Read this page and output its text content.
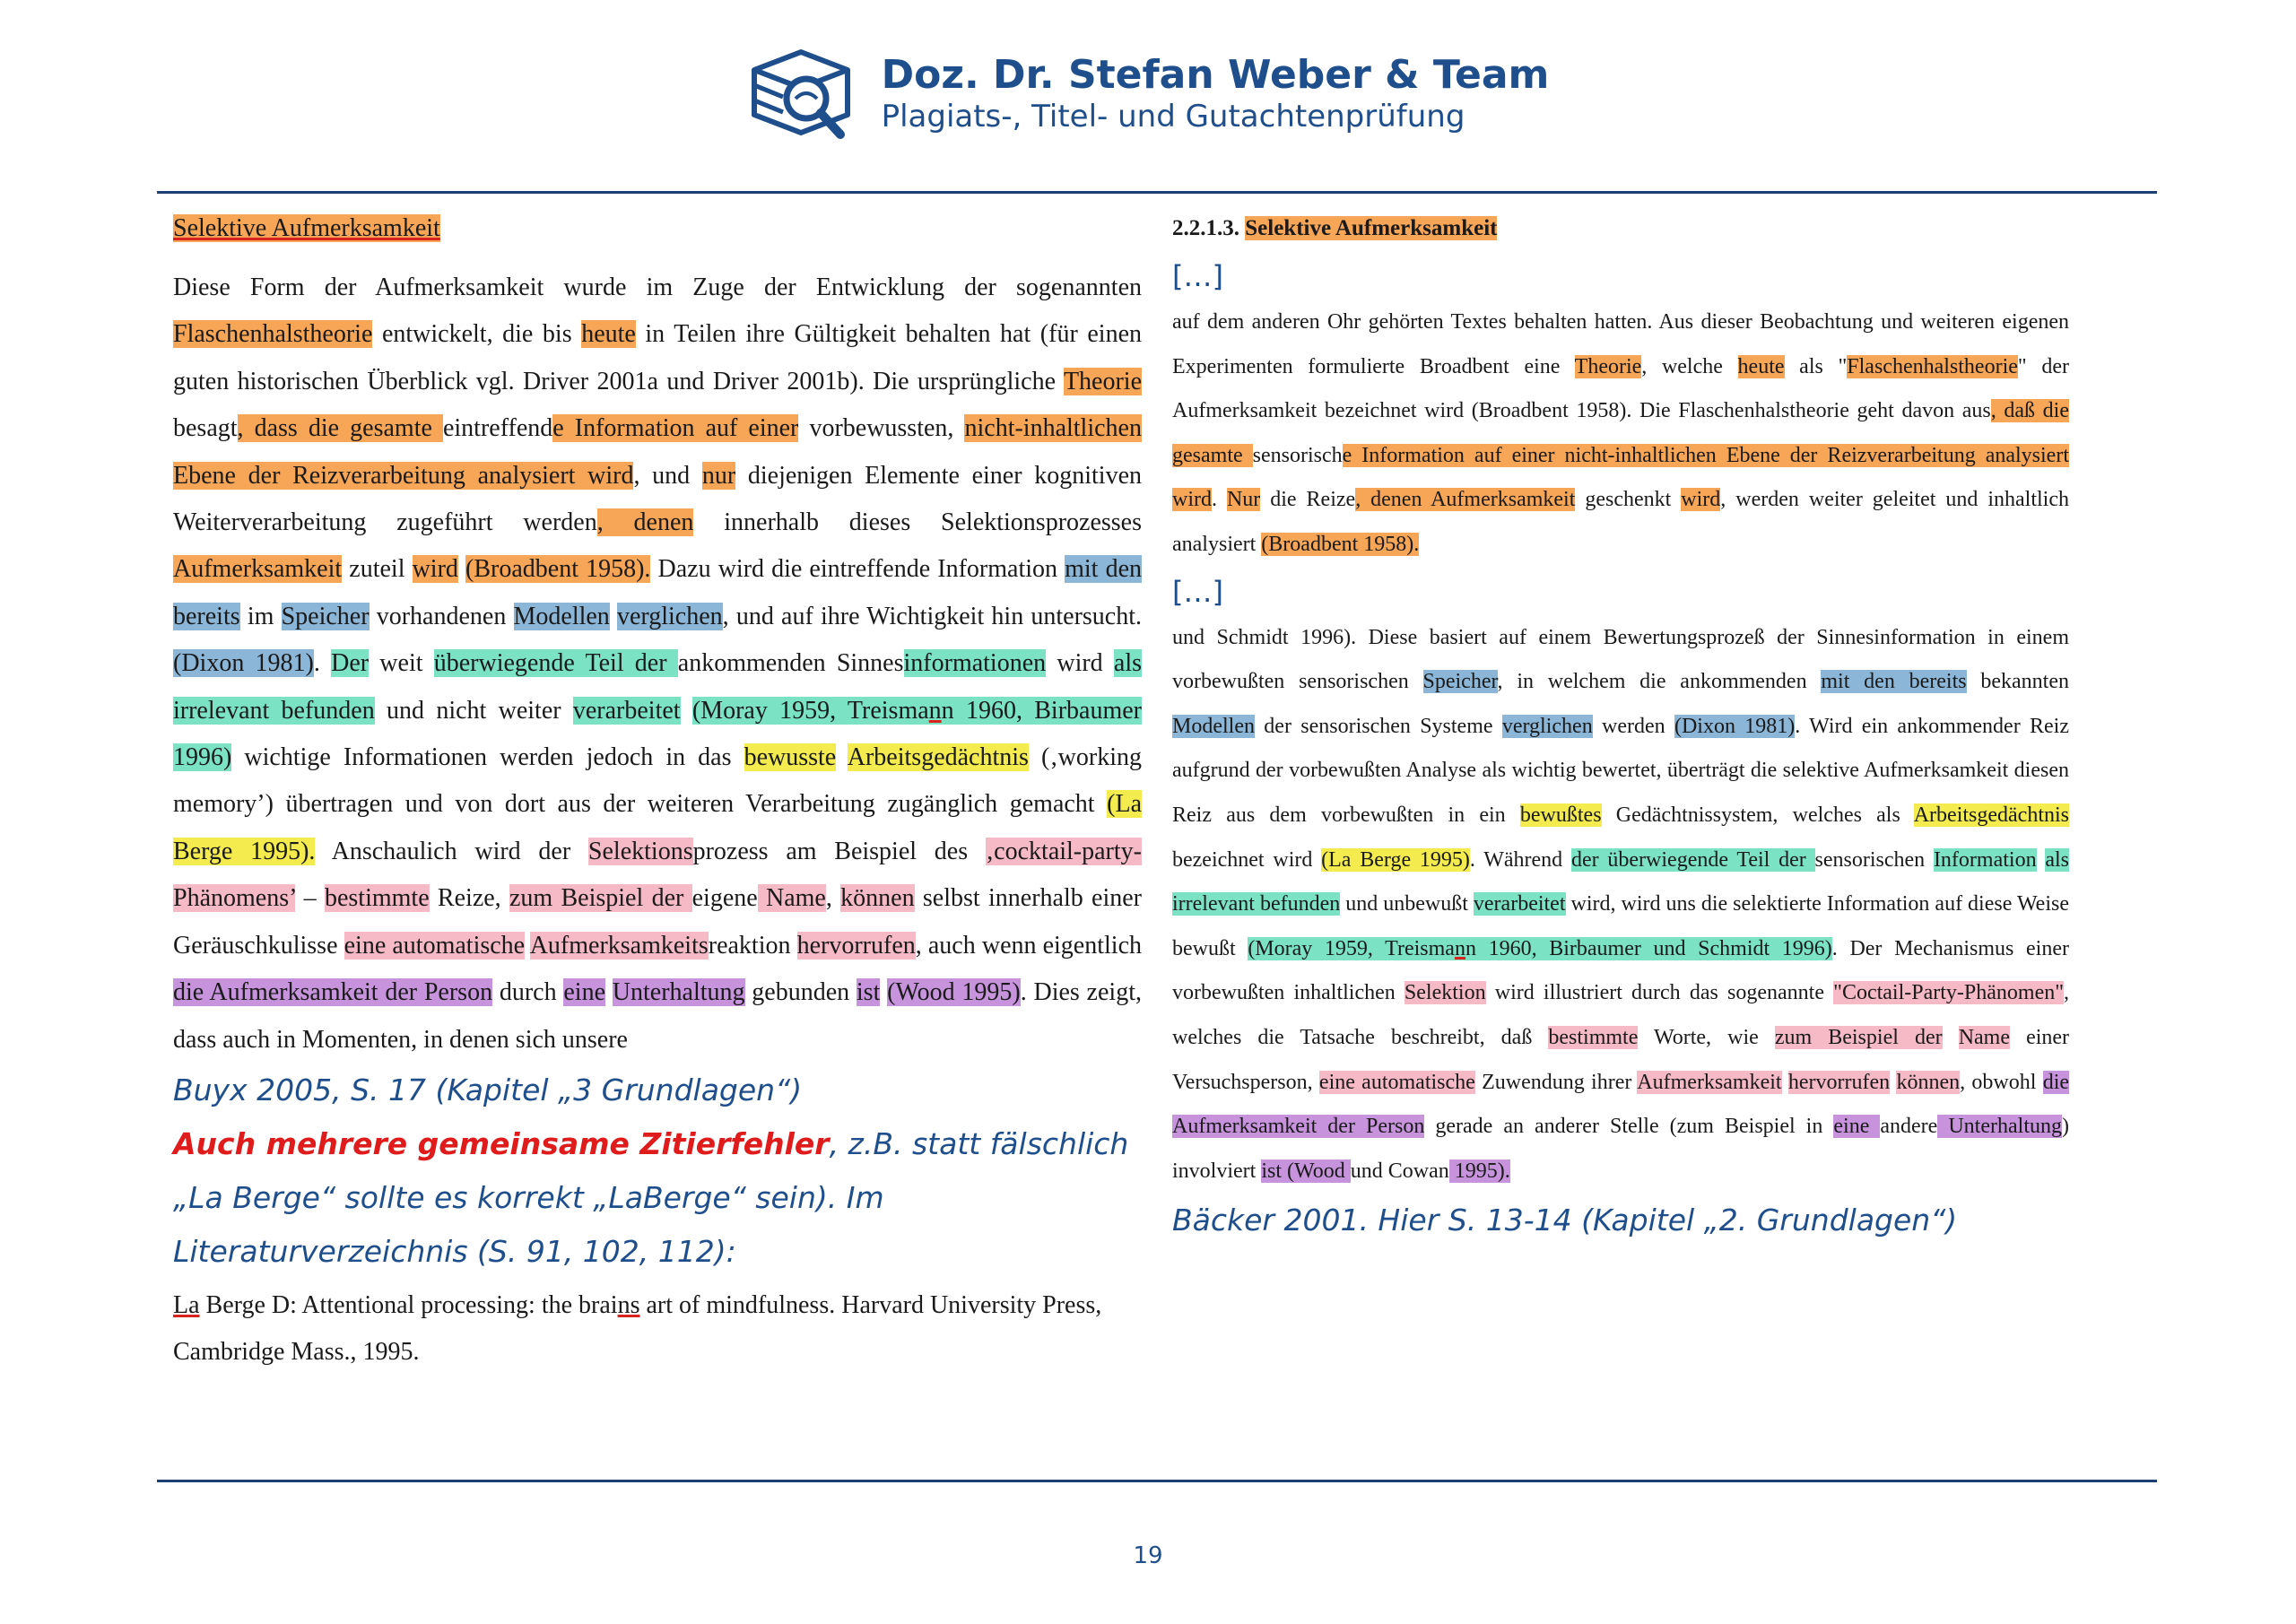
Doz. Dr. Stefan Weber & Team
Plagiats-, Titel- und Gutachtenprüfung

Selektive Aufmerksamkeit

Diese Form der Aufmerksamkeit wurde im Zuge der Entwicklung der sogenannten Flaschenhalstheorie entwickelt, die bis heute in Teilen ihre Gültigkeit behalten hat (für einen guten historischen Überblick vgl. Driver 2001a und Driver 2001b). Die ursprüngliche Theorie besagt, dass die gesamte eintreffende Information auf einer vorbewussten, nicht-inhaltlichen Ebene der Reizverarbeitung analysiert wird, und nur diejenigen Elemente einer kognitiven Weiterverarbeitung zugeführt werden, denen innerhalb dieses Selektionsprozesses Aufmerksamkeit zuteil wird (Broadbent 1958). Dazu wird die eintreffende Information mit den bereits im Speicher vorhandenen Modellen verglichen, und auf ihre Wichtigkeit hin untersucht. (Dixon 1981). Der weit überwiegende Teil der ankommenden Sinnesinformationen wird als irrelevant befunden und nicht weiter verarbeitet (Moray 1959, Treismann 1960, Birbaumer 1996) wichtige Informationen werden jedoch in das bewusste Arbeitsgedächtnis (‚working memory’) übertragen und von dort aus der weiteren Verarbeitung zugänglich gemacht (La Berge 1995). Anschaulich wird der Selektionsprozess am Beispiel des ‚cocktail-party-Phänomens’ – bestimmte Reize, zum Beispiel der eigene Name, können selbst innerhalb einer Geräuschkulisse eine automatische Aufmerksamkeitsreaktion hervorrufen, auch wenn eigentlich die Aufmerksamkeit der Person durch eine Unterhaltung gebunden ist (Wood 1995). Dies zeigt, dass auch in Momenten, in denen sich unsere

Buyx 2005, S. 17 (Kapitel „3 Grundlagen“)

Auch mehrere gemeinsame Zitierfehler, z.B. statt fälschlich „La Berge“ sollte es korrekt „LaBerge“ sein). Im Literaturverzeichnis (S. 91, 102, 112):

La Berge D: Attentional processing: the brains art of mindfulness. Harvard University Press, Cambridge Mass., 1995.

2.2.1.3. Selektive Aufmerksamkeit

[…]

auf dem anderen Ohr gehörten Textes behalten hatten. Aus dieser Beobachtung und weiteren eigenen Experimenten formulierte Broadbent eine Theorie, welche heute als "Flaschenhalstheorie" der Aufmerksamkeit bezeichnet wird (Broadbent 1958). Die Flaschenhalstheorie geht davon aus, daß die gesamte sensorische Information auf einer nicht-inhaltlichen Ebene der Reizverarbeitung analysiert wird. Nur die Reize, denen Aufmerksamkeit geschenkt wird, werden weiter geleitet und inhaltlich analysiert (Broadbent 1958).

[…]

und Schmidt 1996). Diese basiert auf einem Bewertungsprozeß der Sinnesinformation in einem vorbewußten sensorischen Speicher, in welchem die ankommenden mit den bereits bekannten Modellen der sensorischen Systeme verglichen werden (Dixon 1981). Wird ein ankommender Reiz aufgrund der vorbewußten Analyse als wichtig bewertet, überträgt die selektive Aufmerksamkeit diesen Reiz aus dem vorbewußten in ein bewußtes Gedächtnissystem, welches als Arbeitsgedächtnis bezeichnet wird (La Berge 1995). Während der überwiegende Teil der sensorischen Information als irrelevant befunden und unbewußt verarbeitet wird, wird uns die selektierte Information auf diese Weise bewußt (Moray 1959, Treismann 1960, Birbaumer und Schmidt 1996). Der Mechanismus einer vorbewußten inhaltlichen Selektion wird illustriert durch das sogenannte "Coctail-Party-Phänomen", welches die Tatsache beschreibt, daß bestimmte Worte, wie zum Beispiel der Name einer Versuchsperson, eine automatische Zuwendung ihrer Aufmerksamkeit hervorrufen können, obwohl die Aufmerksamkeit der Person gerade an anderer Stelle (zum Beispiel in eine andere Unterhaltung) involviert ist (Wood und Cowan 1995).

Bäcker 2001. Hier S. 13-14 (Kapitel „2. Grundlagen“)

19
